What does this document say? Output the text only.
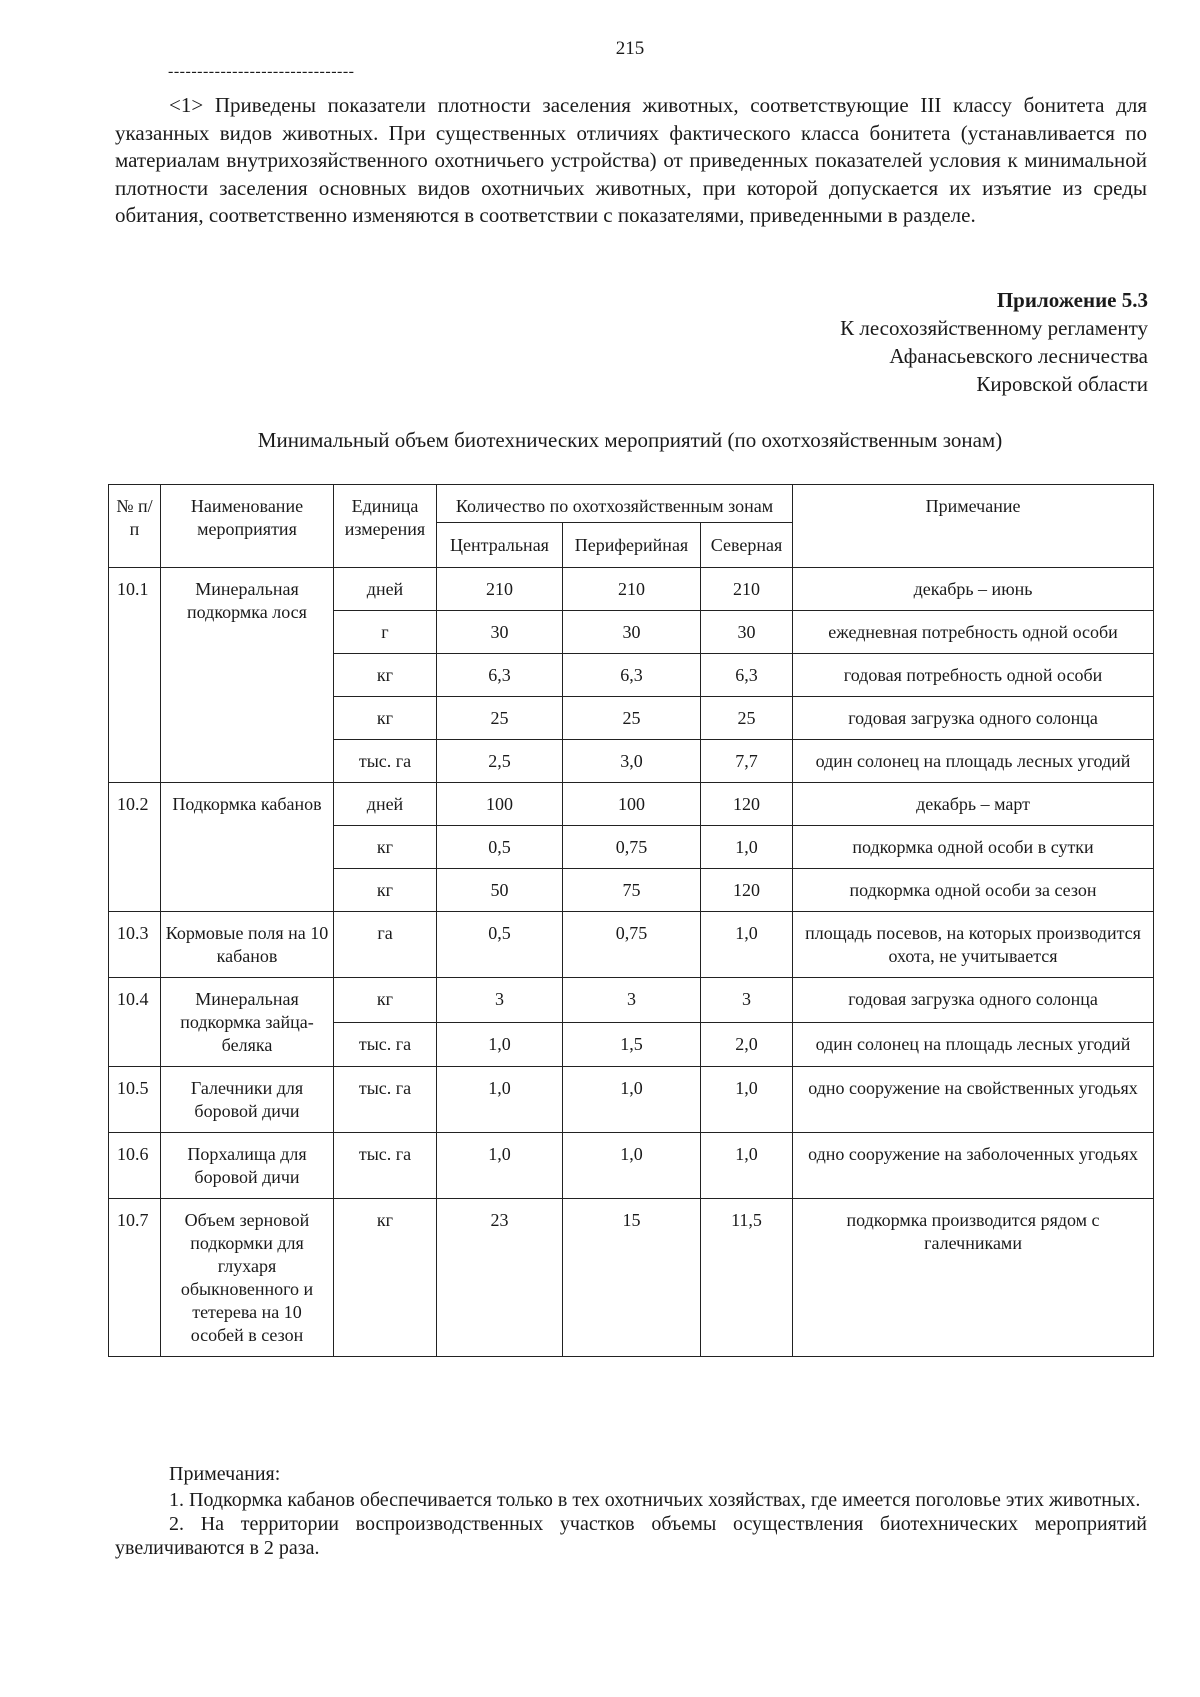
215
--------------------------------

<1> Приведены показатели плотности заселения животных, соответствующие III классу бонитета для указанных видов животных. При существенных отличиях фактического класса бонитета (устанавливается по материалам внутрихозяйственного охотничьего устройства) от приведенных показателей условия к минимальной плотности заселения основных видов охотничьих животных, при которой допускается их изъятие из среды обитания, соответственно изменяются в соответствии с показателями, приведенными в разделе.

Приложение 5.3
К лесохозяйственному регламенту
Афанасьевского лесничества
Кировской области
Минимальный объем биотехнических мероприятий (по охотхозяйственным зонам)
№ п/п	Наименование мероприятия	Единица измерения	Количество по охотхозяйственным зонам			Примечание
			Центральная	Периферийная	Северная	
10.1	Минеральная подкормка лося	дней	210	210	210	декабрь – июнь
		г	30	30	30	ежедневная потребность одной особи
		кг	6,3	6,3	6,3	годовая потребность одной особи
		кг	25	25	25	годовая загрузка одного солонца
		тыс. га	2,5	3,0	7,7	один солонец на площадь лесных угодий
10.2	Подкормка кабанов	дней	100	100	120	декабрь – март
		кг	0,5	0,75	1,0	подкормка одной особи в сутки
		кг	50	75	120	подкормка одной особи за сезон
10.3	Кормовые поля на 10 кабанов	га	0,5	0,75	1,0	площадь посевов, на которых производится охота, не учитывается
10.4	Минеральная подкормка зайца-беляка	кг	3	3	3	годовая загрузка одного солонца
		тыс. га	1,0	1,5	2,0	один солонец на площадь лесных угодий
10.5	Галечники для боровой дичи	тыс. га	1,0	1,0	1,0	одно сооружение на свойственных угодьях
10.6	Порхалища для боровой дичи	тыс. га	1,0	1,0	1,0	одно сооружение на заболоченных угодьях
10.7	Объем зерновой подкормки для глухаря обыкновенного и тетерева на 10 особей в сезон	кг	23	15	11,5	подкормка производится рядом с галечниками

Примечания:

1. Подкормка кабанов обеспечивается только в тех охотничьих хозяйствах, где имеется поголовье этих животных.

2. На территории воспроизводственных участков объемы осуществления биотехнических мероприятий увеличиваются в 2 раза.
